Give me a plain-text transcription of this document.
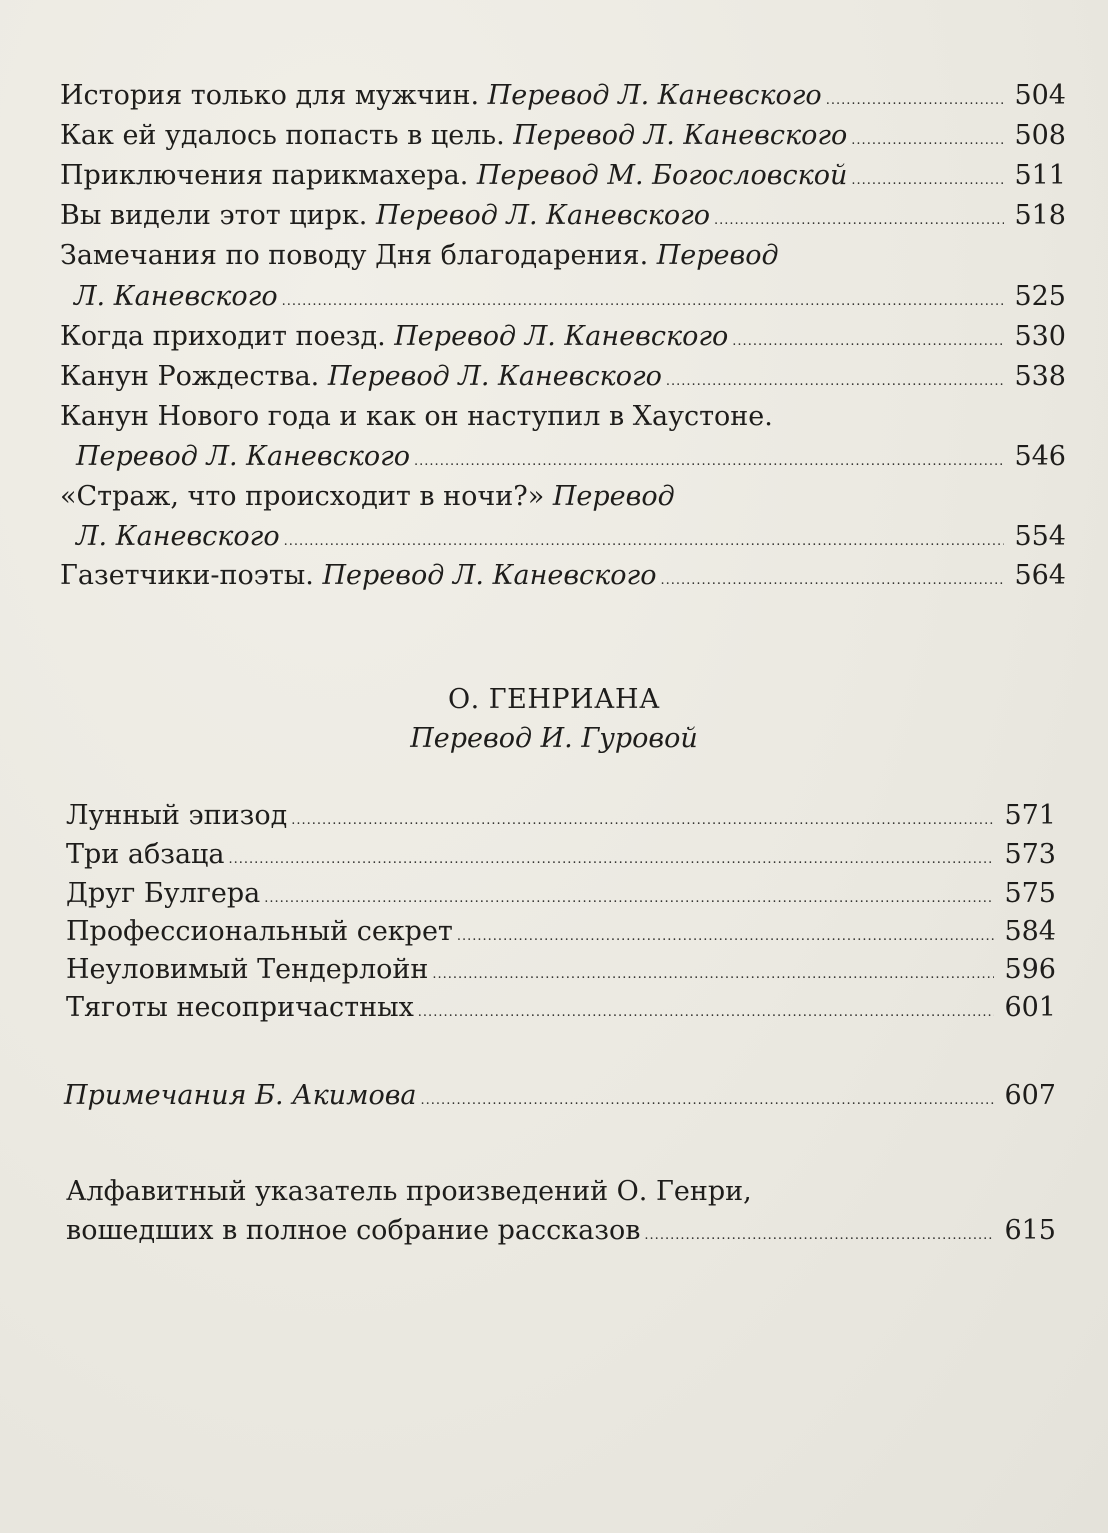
История только для мужчин. Перевод Л. Каневского .....	504
Как ей удалось попасть в цель. Перевод Л. Каневского .....	508
Приключения парикмахера. Перевод М. Богословской .....	511
Вы видели этот цирк. Перевод Л. Каневского .....	518
Замечания по поводу Дня благодарения. Перевод
Л. Каневского .....	525
Когда приходит поезд. Перевод Л. Каневского .....	530
Канун Рождества. Перевод Л. Каневского .....	538
Канун Нового года и как он наступил в Хаустоне.
Перевод Л. Каневского .....	546
«Страж, что происходит в ночи?» Перевод
Л. Каневского .....	554
Газетчики-поэты. Перевод Л. Каневского .....	564
О. ГЕНРИАНА
Перевод И. Гуровой
Лунный эпизод .....	571
Три абзаца .....	573
Друг Булгера .....	575
Профессиональный секрет .....	584
Неуловимый Тендерлойн .....	596
Тяготы несопричастных .....	601
Примечания Б. Акимова .....	607
Алфавитный указатель произведений О. Генри,
вошедших в полное собрание рассказов .....	615
